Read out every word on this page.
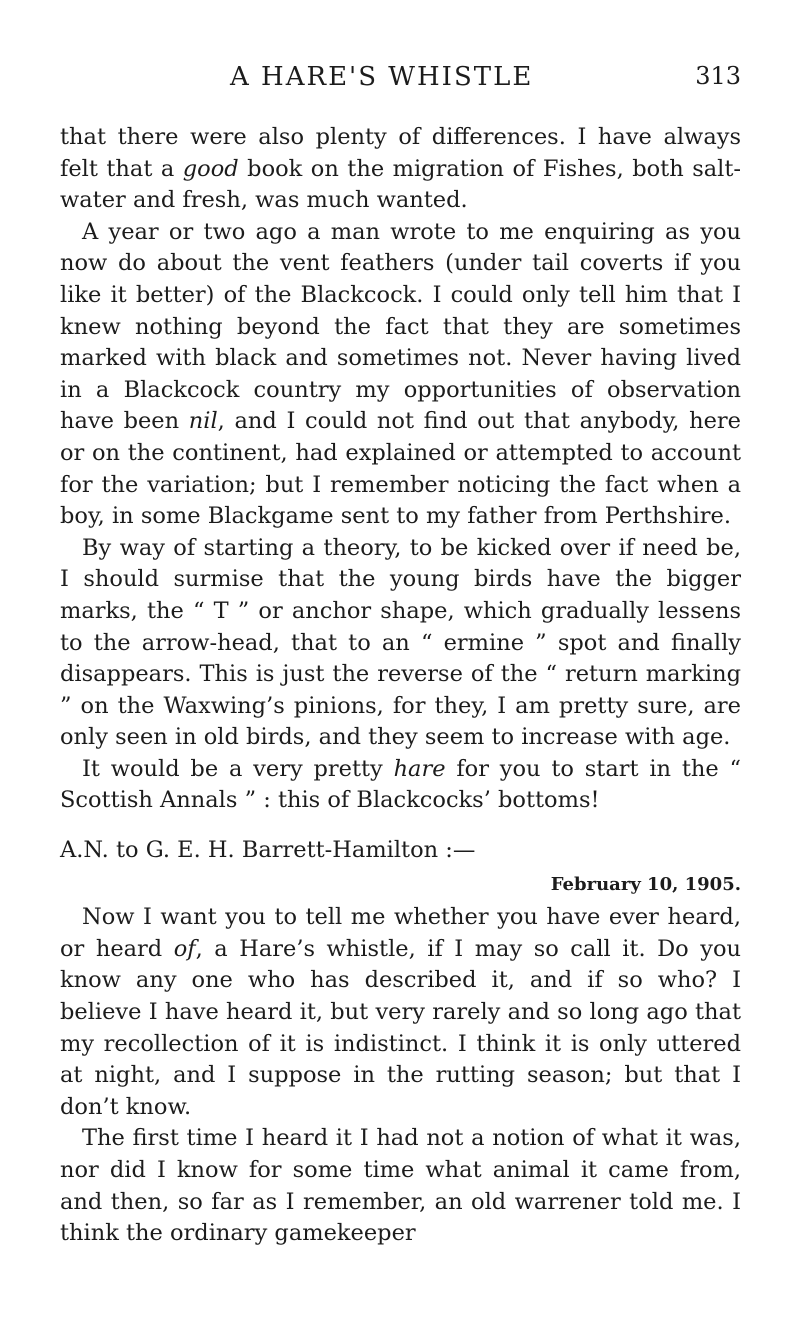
A HARE'S WHISTLE	313

that there were also plenty of differences. I have always felt that a good book on the migration of Fishes, both salt-water and fresh, was much wanted.

A year or two ago a man wrote to me enquiring as you now do about the vent feathers (under tail coverts if you like it better) of the Blackcock. I could only tell him that I knew nothing beyond the fact that they are sometimes marked with black and sometimes not. Never having lived in a Blackcock country my opportunities of observation have been nil, and I could not find out that anybody, here or on the continent, had explained or attempted to account for the variation; but I remember noticing the fact when a boy, in some Blackgame sent to my father from Perthshire.

By way of starting a theory, to be kicked over if need be, I should surmise that the young birds have the bigger marks, the “ T ” or anchor shape, which gradually lessens to the arrow-head, that to an “ ermine ” spot and finally disappears. This is just the reverse of the “ return marking ” on the Waxwing’s pinions, for they, I am pretty sure, are only seen in old birds, and they seem to increase with age.

It would be a very pretty hare for you to start in the “ Scottish Annals ” : this of Blackcocks’ bottoms!

A.N. to G. E. H. Barrett-Hamilton :—

February 10, 1905.

Now I want you to tell me whether you have ever heard, or heard of, a Hare’s whistle, if I may so call it. Do you know any one who has described it, and if so who? I believe I have heard it, but very rarely and so long ago that my recollection of it is indistinct. I think it is only uttered at night, and I suppose in the rutting season; but that I don’t know.

The first time I heard it I had not a notion of what it was, nor did I know for some time what animal it came from, and then, so far as I remember, an old warrener told me. I think the ordinary gamekeeper
